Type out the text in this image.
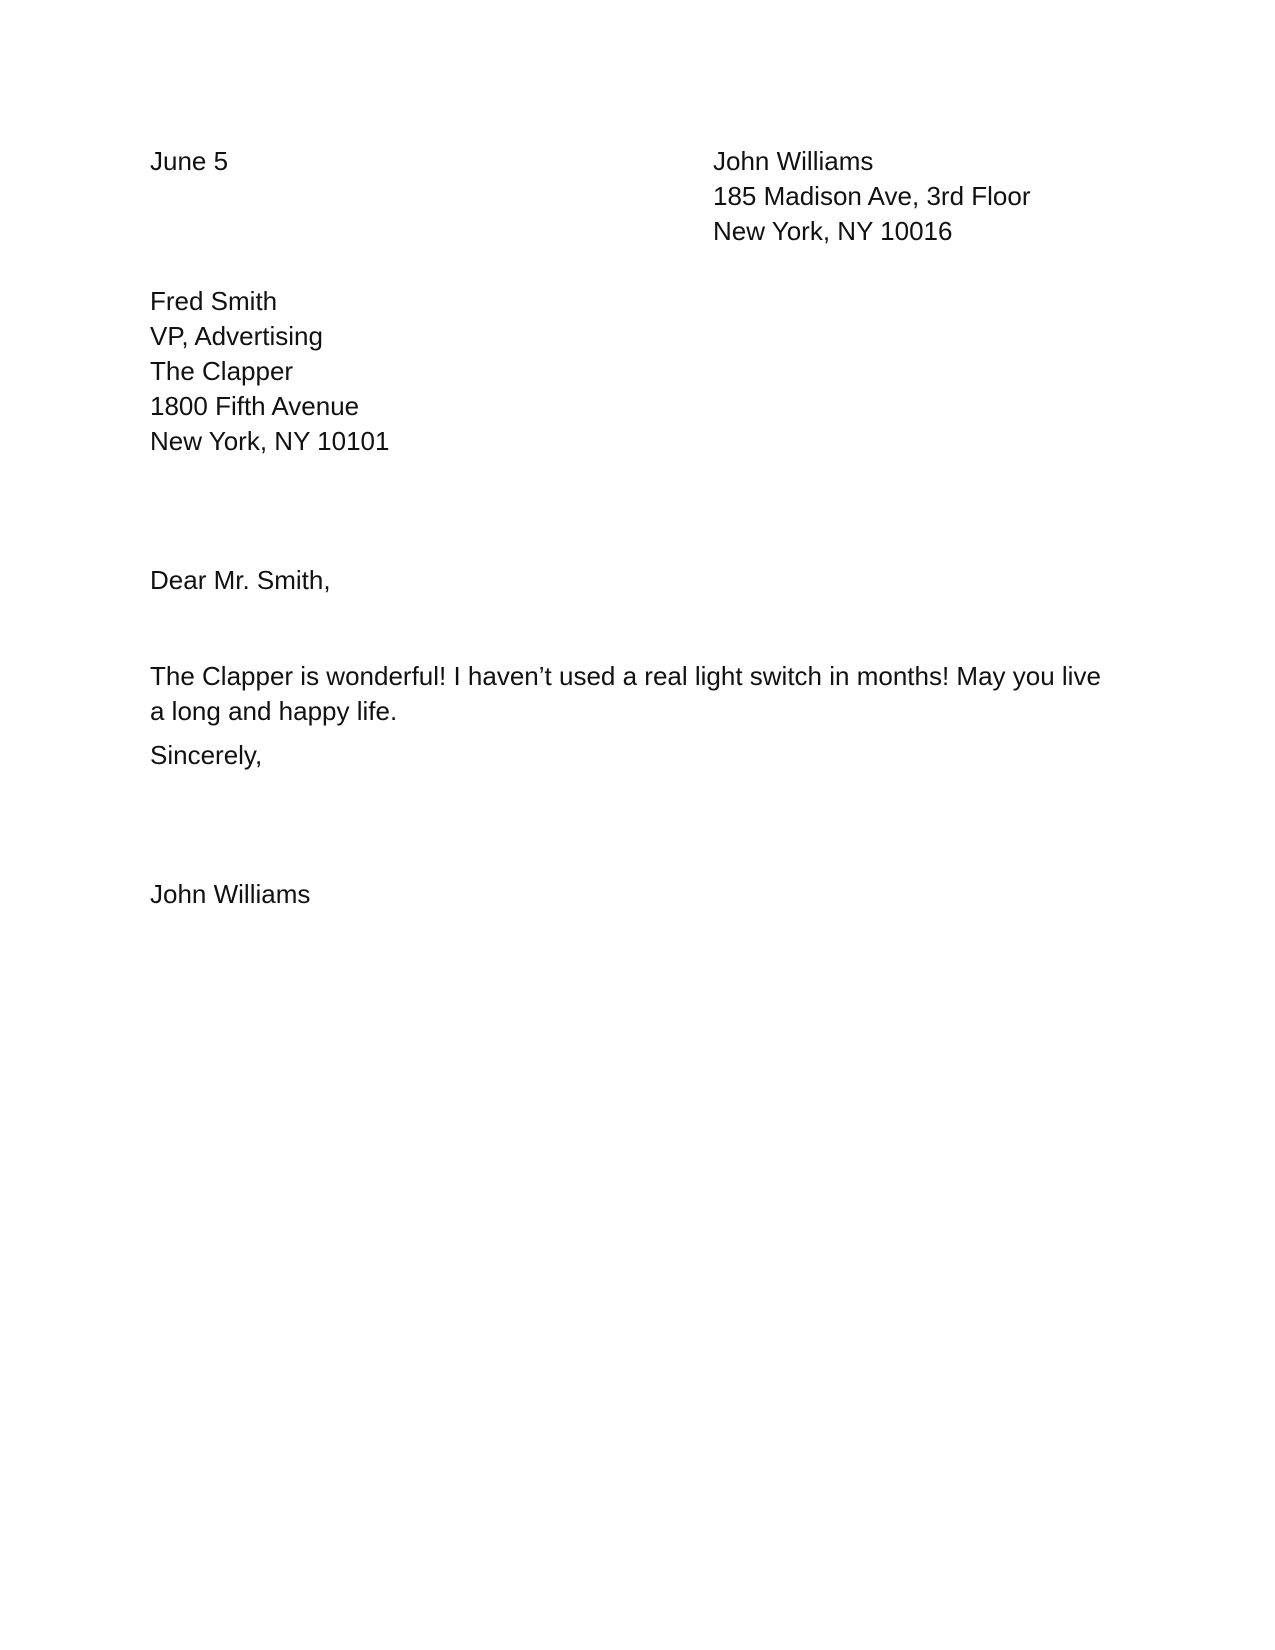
June 5	John Williams

185 Madison Ave, 3rd Floor

New York, NY 10016

Fred Smith

VP, Advertising

The Clapper

1800 Fifth Avenue

New York, NY 10101

Dear Mr. Smith,

The Clapper is wonderful! I haven’t used a real light switch in months! May you live a long and happy life.

Sincerely,

John Williams
